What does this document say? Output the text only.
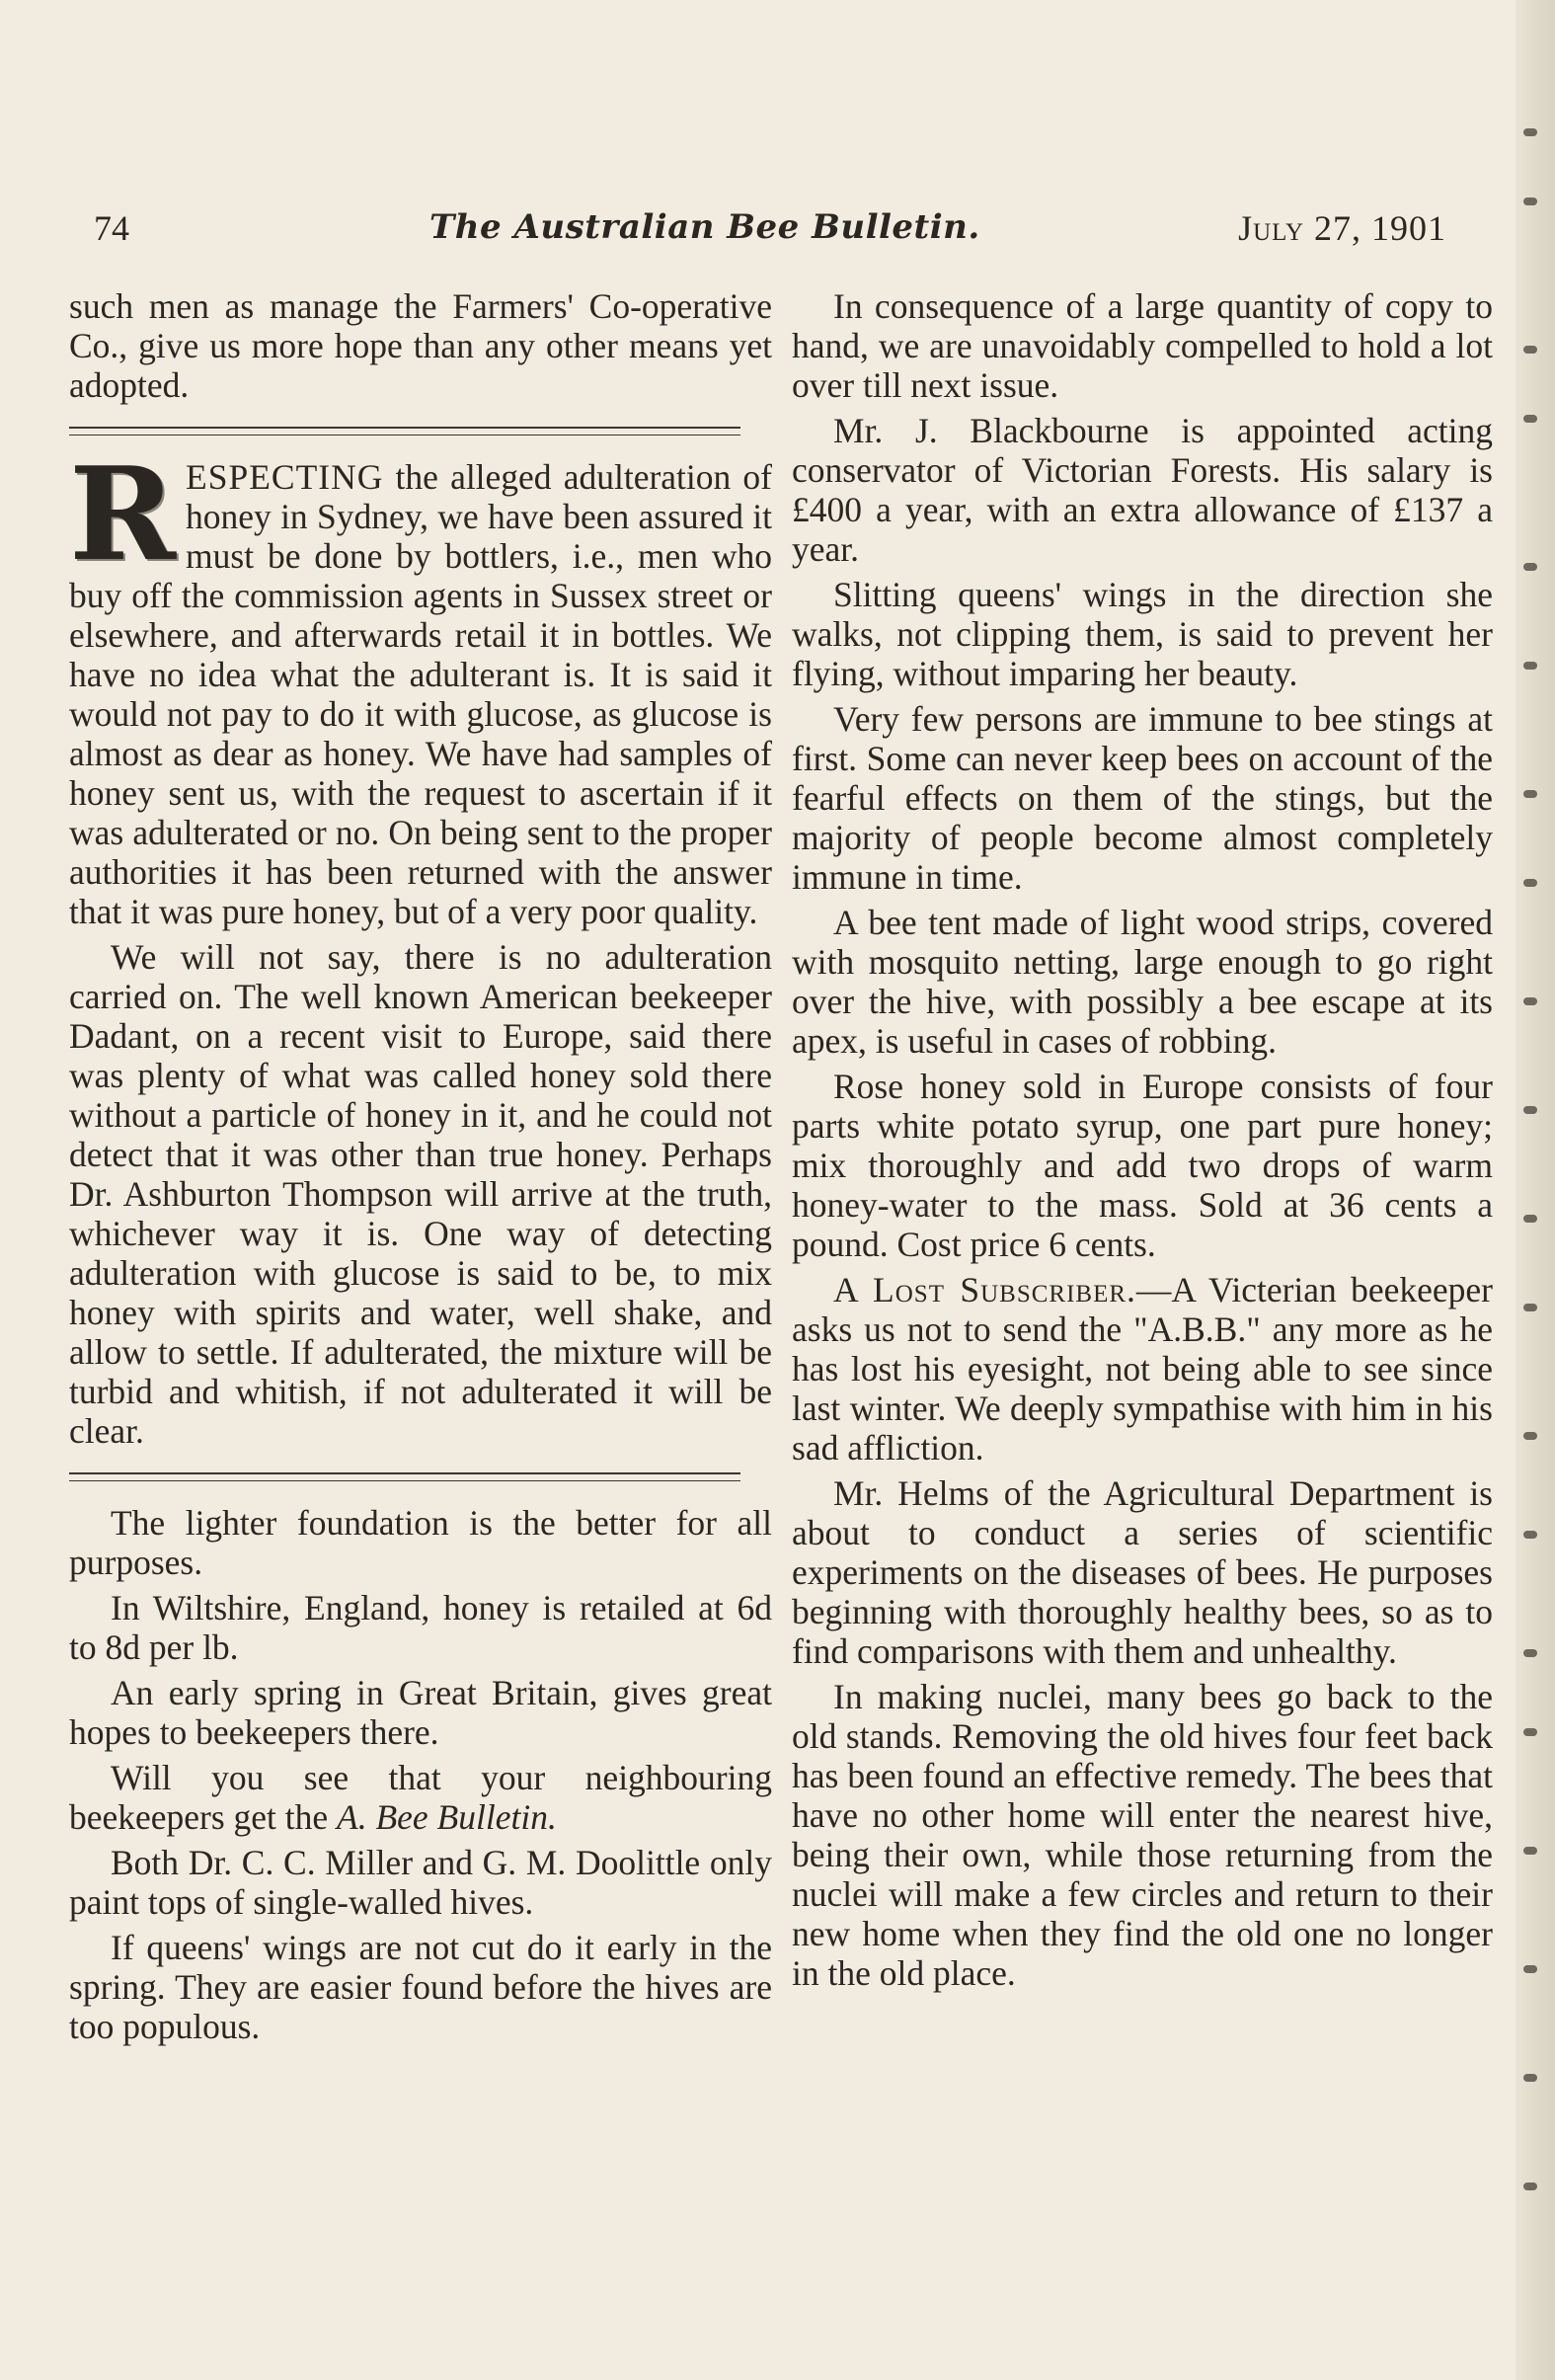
74	The Australian Bee Bulletin.	July 27, 1901

such men as manage the Farmers' Co-operative Co., give us more hope than any other means yet adopted.

RESPECTING the alleged adulteration of honey in Sydney, we have been assured it must be done by bottlers, i.e., men who buy off the commission agents in Sussex street or elsewhere, and afterwards retail it in bottles. We have no idea what the adulterant is. It is said it would not pay to do it with glucose, as glucose is almost as dear as honey. We have had samples of honey sent us, with the request to ascertain if it was adulterated or no. On being sent to the proper authorities it has been returned with the answer that it was pure honey, but of a very poor quality.

We will not say, there is no adulteration carried on. The well known American beekeeper Dadant, on a recent visit to Europe, said there was plenty of what was called honey sold there without a particle of honey in it, and he could not detect that it was other than true honey. Perhaps Dr. Ashburton Thompson will arrive at the truth, whichever way it is. One way of detecting adulteration with glucose is said to be, to mix honey with spirits and water, well shake, and allow to settle. If adulterated, the mixture will be turbid and whitish, if not adulterated it will be clear.

The lighter foundation is the better for all purposes.

In Wiltshire, England, honey is retailed at 6d to 8d per lb.

An early spring in Great Britain, gives great hopes to beekeepers there.

Will you see that your neighbouring beekeepers get the A. Bee Bulletin.

Both Dr. C. C. Miller and G. M. Doolittle only paint tops of single-walled hives.

If queens' wings are not cut do it early in the spring. They are easier found before the hives are too populous.

In consequence of a large quantity of copy to hand, we are unavoidably compelled to hold a lot over till next issue.

Mr. J. Blackbourne is appointed acting conservator of Victorian Forests. His salary is £400 a year, with an extra allowance of £137 a year.

Slitting queens' wings in the direction she walks, not clipping them, is said to prevent her flying, without imparing her beauty.

Very few persons are immune to bee stings at first. Some can never keep bees on account of the fearful effects on them of the stings, but the majority of people become almost completely immune in time.

A bee tent made of light wood strips, covered with mosquito netting, large enough to go right over the hive, with possibly a bee escape at its apex, is useful in cases of robbing.

Rose honey sold in Europe consists of four parts white potato syrup, one part pure honey; mix thoroughly and add two drops of warm honey-water to the mass. Sold at 36 cents a pound. Cost price 6 cents.

A Lost Subscriber.—A Victerian beekeeper asks us not to send the "A.B.B." any more as he has lost his eyesight, not being able to see since last winter. We deeply sympathise with him in his sad affliction.

Mr. Helms of the Agricultural Department is about to conduct a series of scientific experiments on the diseases of bees. He purposes beginning with thoroughly healthy bees, so as to find comparisons with them and unhealthy.

In making nuclei, many bees go back to the old stands. Removing the old hives four feet back has been found an effective remedy. The bees that have no other home will enter the nearest hive, being their own, while those returning from the nuclei will make a few circles and return to their new home when they find the old one no longer in the old place.
